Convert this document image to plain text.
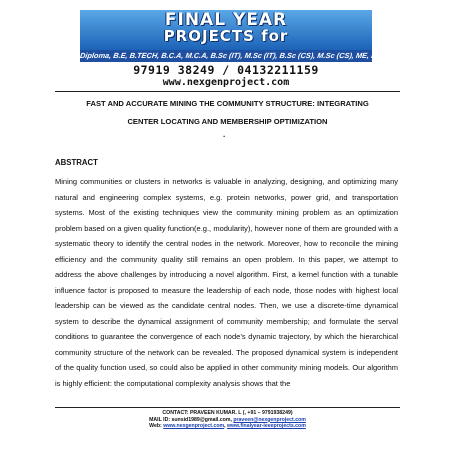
FINAL YEAR
PROJECTS for
Diploma, B.E, B.TECH, B.C.A, M.C.A, B.Sc (IT), M.Sc (IT), B.Sc (CS), M.Sc (CS), ME, M.TECH, M.S, M.E
97919 38249 / 04132211159
www.nexgenproject.com
FAST AND ACCURATE MINING THE COMMUNITY STRUCTURE: INTEGRATING
CENTER LOCATING AND MEMBERSHIP OPTIMIZATION
.
ABSTRACT
Mining communities or clusters in networks is valuable in analyzing, designing, and optimizing many natural and engineering complex systems, e.g. protein networks, power grid, and transportation systems. Most of the existing techniques view the community mining problem as an optimization problem based on a given quality function(e.g., modularity), however none of them are grounded with a systematic theory to identify the central nodes in the network. Moreover, how to reconcile the mining efficiency and the community quality still remains an open problem. In this paper, we attempt to address the above challenges by introducing a novel algorithm. First, a kernel function with a tunable influence factor is proposed to measure the leadership of each node, those nodes with highest local leadership can be viewed as the candidate central nodes. Then, we use a discrete-time dynamical system to describe the dynamical assignment of community membership; and formulate the serval conditions to guarantee the convergence of each node’s dynamic trajectory, by which the hierarchical community structure of the network can be revealed. The proposed dynamical system is independent of the quality function used, so could also be applied in other community mining models. Our algorithm is highly efficient: the computational complexity analysis shows that the
CONTACT: PRAVEEN KUMAR. L (, +91 – 9791938249)
MAIL ID: sunsid1989@gmail.com, praveen@nexgenproject.com
Web: www.nexgenproject.com, www.finalyear-ieeeprojects.com
